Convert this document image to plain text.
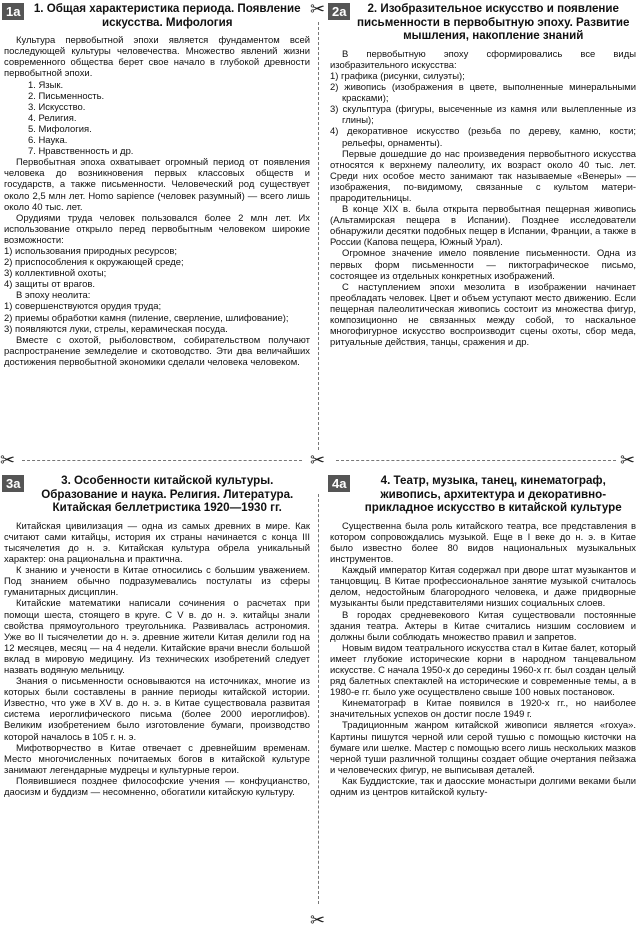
1а	1. Общая характеристика периода. Появление искусства. Мифология

Культура первобытной эпохи является фундаментом всей последующей культуры человечества. Множество явлений жизни современного общества берет свое начало в глубокой древности первобытной эпохи.

1. Язык.

2. Письменность.

3. Искусство.

4. Религия.

5. Мифология.

6. Наука.

7. Нравственность и др.

Первобытная эпоха охватывает огромный период от появления человека до возникновения первых классовых обществ и государств, а также письменности. Человеческий род существует около 2,5 млн лет. Homo sapience (человек разумный) — всего лишь около 40 тыс. лет.

Орудиями труда человек пользовался более 2 млн лет. Их использование открыло перед первобытным человеком широкие возможности:

1) использования природных ресурсов;

2) приспособления к окружающей среде;

3) коллективной охоты;

4) защиты от врагов.

В эпоху неолита:

1) совершенствуются орудия труда;

2) приемы обработки камня (пиление, сверление, шлифование);

3) появляются луки, стрелы, керамическая посуда.

Вместе с охотой, рыболовством, собирательством получают распространение земледелие и скотоводство. Эти два величайших достижения первобытной экономики сделали человека человеком.

2а	2. Изобразительное искусство и появление письменности в первобытную эпоху. Развитие мышления, накопление знаний

В первобытную эпоху сформировались все виды изобразительного искусства:

1) графика (рисунки, силуэты);

2) живопись (изображения в цвете, выполненные минеральными красками);

3) скульптура (фигуры, высеченные из камня или вылепленные из глины);

4) декоративное искусство (резьба по дереву, камню, кости; рельефы, орнаменты).

Первые дошедшие до нас произведения первобытного искусства относятся к верхнему палеолиту, их возраст около 40 тыс. лет. Среди них особое место занимают так называемые «Венеры» — изображения, по-видимому, связанные с культом матери-прародительницы.

В конце XIX в. была открыта первобытная пещерная живопись (Альтамирская пещера в Испании). Позднее исследователи обнаружили десятки подобных пещер в Испании, Франции, а также в России (Капова пещера, Южный Урал).

Огромное значение имело появление письменности. Одна из первых форм письменности — пиктографическое письмо, состоящее из отдельных конкретных изображений.

С наступлением эпохи мезолита в изображении начинает преобладать человек. Цвет и объем уступают место движению. Если пещерная палеолитическая живопись состоит из множества фигур, композиционно не связанных между собой, то наскальное многофигурное искусство воспроизводит сцены охоты, сбор меда, ритуальные действия, танцы, сражения и др.

3а	3. Особенности китайской культуры. Образование и наука. Религия. Литература. Китайская беллетристика 1920—1930 гг.

Китайская цивилизация — одна из самых древних в мире. Как считают сами китайцы, история их страны начинается с конца III тысячелетия до н. э. Китайская культура обрела уникальный характер: она рациональна и практична.

К знанию и учености в Китае относились с большим уважением. Под знанием обычно подразумевались постулаты из сферы гуманитарных дисциплин.

Китайские математики написали сочинения о расчетах при помощи шеста, стоящего в круге. С V в. до н. э. китайцы знали свойства прямоугольного треугольника. Развивалась астрономия. Уже во II тысячелетии до н. э. древние жители Китая делили год на 12 месяцев, месяц — на 4 недели. Китайские врачи внесли большой вклад в мировую медицину. Из технических изобретений следует назвать водяную мельницу.

Знания о письменности основываются на источниках, многие из которых были составлены в ранние периоды китайской истории. Известно, что уже в XV в. до н. э. в Китае существовала развитая система иероглифического письма (более 2000 иероглифов). Великим изобретением было изготовление бумаги, производство которой началось в 105 г. н. э.

Мифотворчество в Китае отвечает с древнейшим временам. Место многочисленных почитаемых богов в китайской культуре занимают легендарные мудрецы и культурные герои.

Появившиеся позднее философские учения — конфуцианство, даосизм и буддизм — несомненно, обогатили китайскую культуру.

4а	4. Театр, музыка, танец, кинематограф, живопись, архитектура и декоративно-прикладное искусство в китайской культуре

Существенна была роль китайского театра, все представления в котором сопровождались музыкой. Еще в I веке до н. э. в Китае было известно более 80 видов национальных музыкальных инструментов.

Каждый император Китая содержал при дворе штат музыкантов и танцовщиц. В Китае профессиональное занятие музыкой считалось делом, недостойным благородного человека, и даже придворные музыканты были представителями низших социальных слоев.

В городах средневекового Китая существовали постоянные здания театра. Актеры в Китае считались низшим сословием и должны были соблюдать множество правил и запретов.

Новым видом театрального искусства стал в Китае балет, который имеет глубокие исторические корни в народном танцевальном искусстве. С начала 1950-х до середины 1960-х гг. был создан целый ряд балетных спектаклей на исторические и современные темы, а в 1980-е гг. было уже осуществлено свыше 100 новых постановок.

Кинематограф в Китае появился в 1920-х гг., но наиболее значительных успехов он достиг после 1949 г.

Традиционным жанром китайской живописи является «гохуа». Картины пишутся черной или серой тушью с помощью кисточки на бумаге или шелке. Мастер с помощью всего лишь нескольких мазков черной туши различной толщины создает общие очертания пейзажа и человеческих фигур, не выписывая деталей.

Как Буддистские, так и даосские монастыри долгими веками были одним из центров китайской культу-

✂
✂	✂	✂
✂
